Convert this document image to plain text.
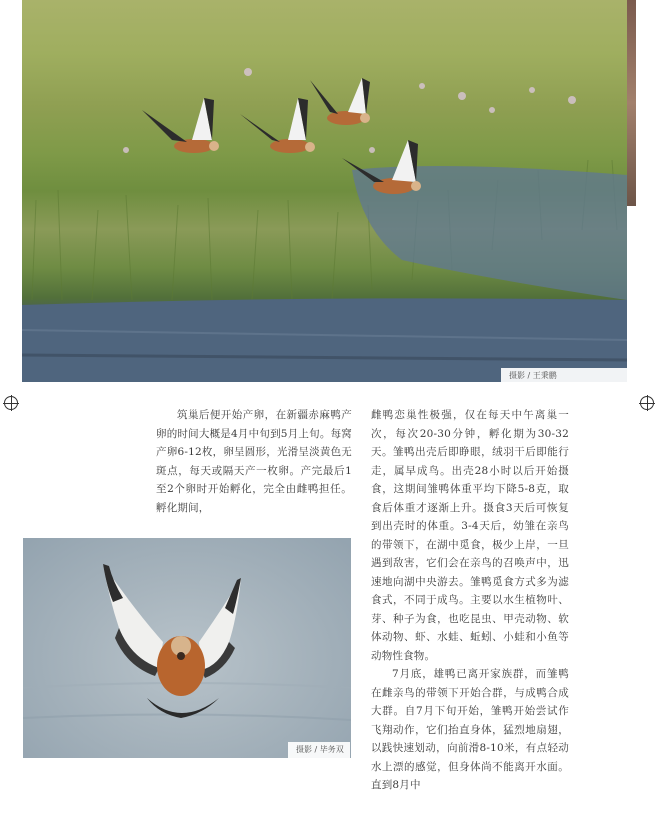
摄影 / 王秉鹏

筑巢后便开始产卵，在新疆赤麻鸭产卵的时间大概是4月中旬到5月上旬。每窝产卵6-12枚，卵呈圆形，光滑呈淡黄色无斑点，每天或隔天产一枚卵。产完最后1至2个卵时开始孵化，完全由雌鸭担任。孵化期间，

雌鸭恋巢性极强，仅在每天中午离巢一次，每次20-30分钟，孵化期为30-32天。雏鸭出壳后即睁眼，绒羽干后即能行走，属早成鸟。出壳28小时以后开始摄食，这期间雏鸭体重平均下降5-8克，取食后体重才逐渐上升。摄食3天后可恢复到出壳时的体重。3-4天后，幼雏在亲鸟的带领下，在湖中觅食，极少上岸，一旦遇到敌害，它们会在亲鸟的召唤声中，迅速地向湖中央游去。雏鸭觅食方式多为滤食式，不同于成鸟。主要以水生植物叶、芽、种子为食，也吃昆虫、甲壳动物、软体动物、虾、水蛙、蚯蚓、小蛙和小鱼等动物性食物。

7月底，雄鸭已离开家族群，而雏鸭在雌亲鸟的带领下开始合群，与成鸭合成大群。自7月下旬开始，雏鸭开始尝试作飞翔动作，它们抬直身体，猛烈地扇翅，以践快速划动，向前滑8-10米，有点轻动水上漂的感觉，但身体尚不能离开水面。直到8月中

摄影 / 毕务双
